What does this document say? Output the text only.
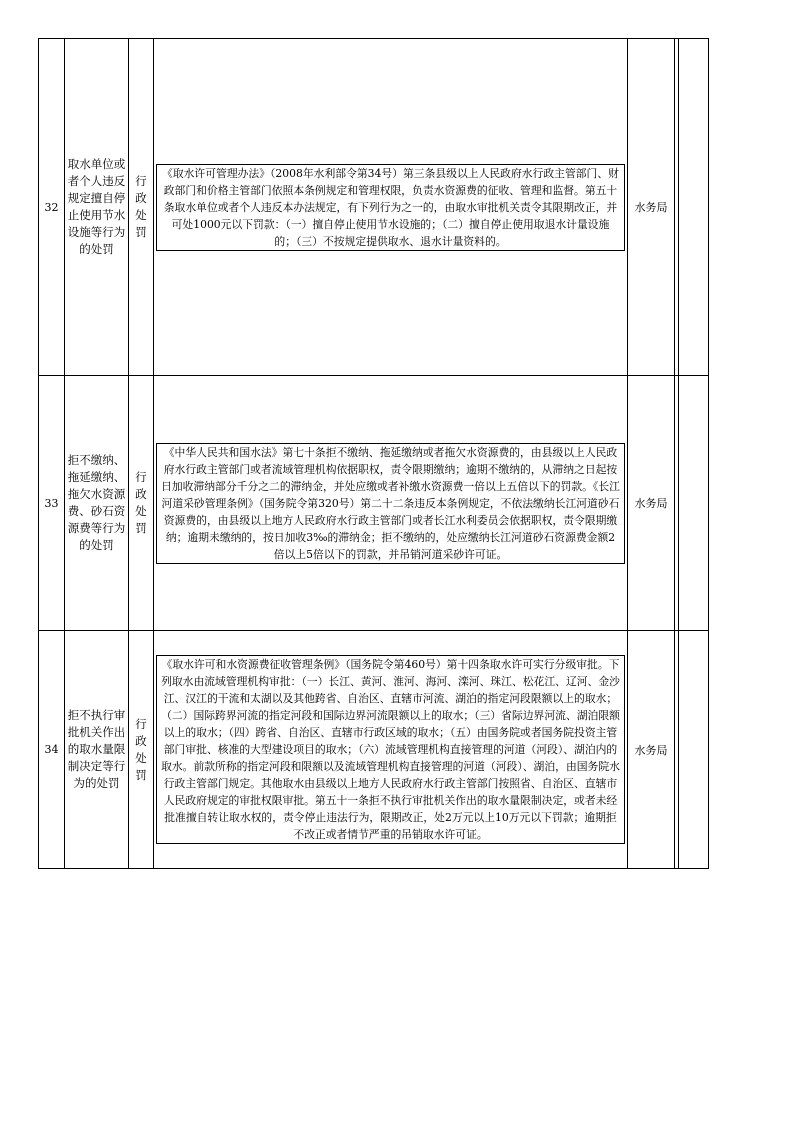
32	取水单位或者个人违反规定擅自停止使用节水设施等行为的处罚	行政处罚	《取水许可管理办法》（2008年水利部令第34号）第三条县级以上人民政府水行政主管部门、财政部门和价格主管部门依照本条例规定和管理权限，负责水资源费的征收、管理和监督。第五十条取水单位或者个人违反本办法规定，有下列行为之一的，由取水审批机关责令其限期改正，并可处1000元以下罚款：（一）擅自停止使用节水设施的；（二）擅自停止使用取退水计量设施的；（三）不按规定提供取水、退水计量资料的。	水务局		
33	拒不缴纳、拖延缴纳、拖欠水资源费、砂石资源费等行为的处罚	行政处罚	《中华人民共和国水法》第七十条拒不缴纳、拖延缴纳或者拖欠水资源费的，由县级以上人民政府水行政主管部门或者流域管理机构依据职权，责令限期缴纳；逾期不缴纳的，从滞纳之日起按日加收滞纳部分千分之二的滞纳金，并处应缴或者补缴水资源费一倍以上五倍以下的罚款。《长江河道采砂管理条例》（国务院令第320号）第二十二条违反本条例规定，不依法缴纳长江河道砂石资源费的，由县级以上地方人民政府水行政主管部门或者长江水利委员会依据职权，责令限期缴纳；逾期未缴纳的，按日加收3‰的滞纳金；拒不缴纳的，处应缴纳长江河道砂石资源费金额2倍以上5倍以下的罚款，并吊销河道采砂许可证。	水务局		
34	拒不执行审批机关作出的取水量限制决定等行为的处罚	行政处罚	《取水许可和水资源费征收管理条例》（国务院令第460号）第十四条取水许可实行分级审批。下列取水由流域管理机构审批：（一）长江、黄河、淮河、海河、滦河、珠江、松花江、辽河、金沙江、汉江的干流和太湖以及其他跨省、自治区、直辖市河流、湖泊的指定河段限额以上的取水；（二）国际跨界河流的指定河段和国际边界河流限额以上的取水；（三）省际边界河流、湖泊限额以上的取水；（四）跨省、自治区、直辖市行政区域的取水；（五）由国务院或者国务院投资主管部门审批、核准的大型建设项目的取水；（六）流域管理机构直接管理的河道（河段）、湖泊内的取水。前款所称的指定河段和限额以及流域管理机构直接管理的河道（河段）、湖泊，由国务院水行政主管部门规定。其他取水由县级以上地方人民政府水行政主管部门按照省、自治区、直辖市人民政府规定的审批权限审批。第五十一条拒不执行审批机关作出的取水量限制决定，或者未经批准擅自转让取水权的，责令停止违法行为，限期改正，处2万元以上10万元以下罚款；逾期拒不改正或者情节严重的吊销取水许可证。	水务局		
